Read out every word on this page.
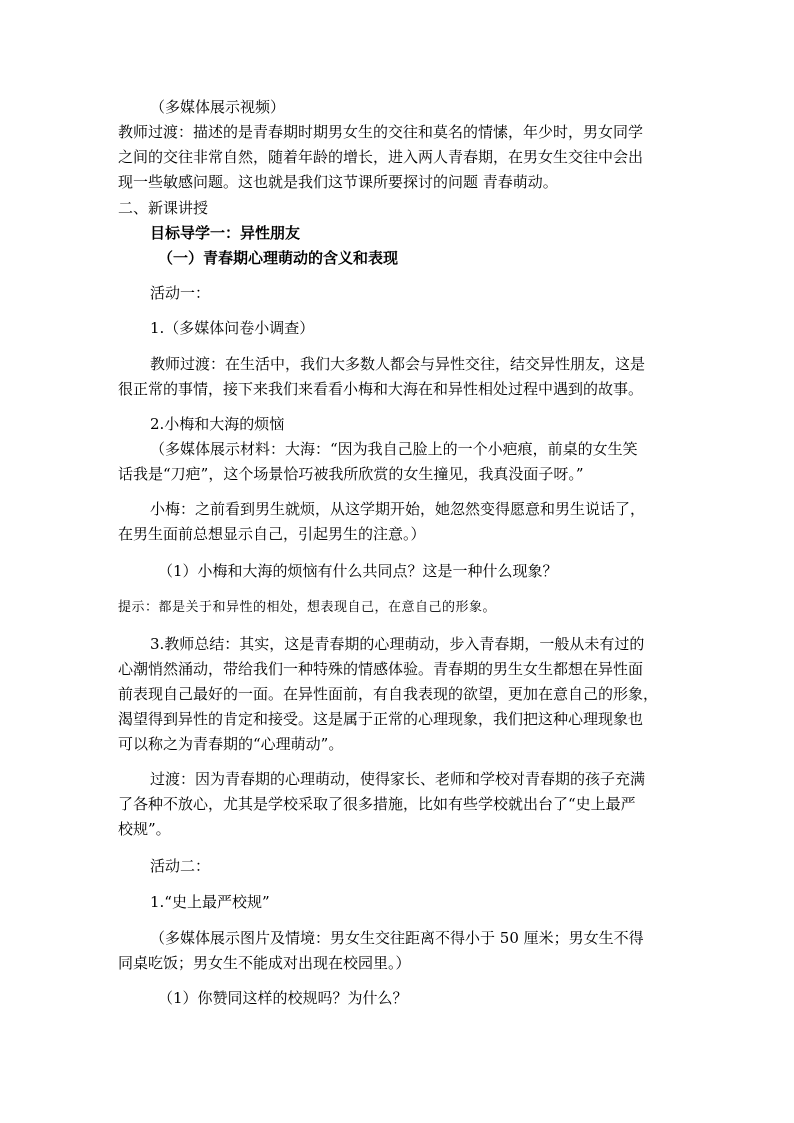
（多媒体展示视频）
教师过渡：描述的是青春期时期男女生的交往和莫名的情愫，年少时，男女同学
之间的交往非常自然，随着年龄的增长，进入两人青春期，在男女生交往中会出
现一些敏感问题。这也就是我们这节课所要探讨的问题 青春萌动。
二、新课讲授
目标导学一：异性朋友
（一）青春期心理萌动的含义和表现
活动一：
1.（多媒体问卷小调查）
教师过渡：在生活中，我们大多数人都会与异性交往，结交异性朋友，这是
很正常的事情，接下来我们来看看小梅和大海在和异性相处过程中遇到的故事。
2.小梅和大海的烦恼
（多媒体展示材料：大海：“因为我自己脸上的一个小疤痕，前桌的女生笑
话我是“刀疤”，这个场景恰巧被我所欣赏的女生撞见，我真没面子呀。”
小梅：之前看到男生就烦，从这学期开始，她忽然变得愿意和男生说话了，
在男生面前总想显示自己，引起男生的注意。）
（1）小梅和大海的烦恼有什么共同点？这是一种什么现象？
提示：都是关于和异性的相处，想表现自己，在意自己的形象。
3.教师总结：其实，这是青春期的心理萌动，步入青春期，一般从未有过的
心潮悄然涌动，带给我们一种特殊的情感体验。青春期的男生女生都想在异性面
前表现自己最好的一面。在异性面前，有自我表现的欲望，更加在意自己的形象，
渴望得到异性的肯定和接受。这是属于正常的心理现象，我们把这种心理现象也
可以称之为青春期的“心理萌动”。
过渡：因为青春期的心理萌动，使得家长、老师和学校对青春期的孩子充满
了各种不放心，尤其是学校采取了很多措施，比如有些学校就出台了“史上最严
校规”。
活动二：
1.“史上最严校规”
（多媒体展示图片及情境：男女生交往距离不得小于 50 厘米；男女生不得
同桌吃饭；男女生不能成对出现在校园里。）
（1）你赞同这样的校规吗？为什么？
